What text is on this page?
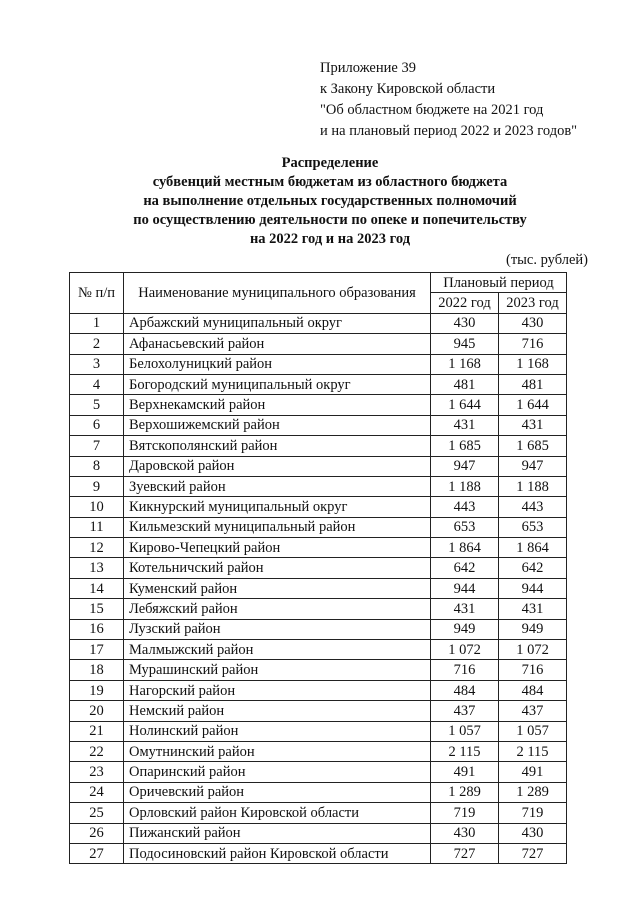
Приложение 39
к Закону Кировской области
"Об областном бюджете на 2021 год
и на плановый период 2022 и 2023 годов"
Распределение
субвенций местным бюджетам из областного бюджета
на выполнение отдельных государственных полномочий
по осуществлению деятельности по опеке и попечительству
на 2022 год и на 2023 год
(тыс. рублей)
№ п/п	Наименование муниципального образования	Плановый период	
		2022 год	2023 год
1	Арбажский муниципальный округ	430	430
2	Афанасьевский район	945	716
3	Белохолуницкий район	1 168	1 168
4	Богородский муниципальный округ	481	481
5	Верхнекамский район	1 644	1 644
6	Верхошижемский район	431	431
7	Вятскополянский район	1 685	1 685
8	Даровской район	947	947
9	Зуевский район	1 188	1 188
10	Кикнурский муниципальный округ	443	443
11	Кильмезский муниципальный район	653	653
12	Кирово-Чепецкий район	1 864	1 864
13	Котельничский район	642	642
14	Куменский район	944	944
15	Лебяжский район	431	431
16	Лузский район	949	949
17	Малмыжский район	1 072	1 072
18	Мурашинский район	716	716
19	Нагорский район	484	484
20	Немский район	437	437
21	Нолинский район	1 057	1 057
22	Омутнинский район	2 115	2 115
23	Опаринский район	491	491
24	Оричевский район	1 289	1 289
25	Орловский район Кировской области	719	719
26	Пижанский район	430	430
27	Подосиновский район Кировской области	727	727
